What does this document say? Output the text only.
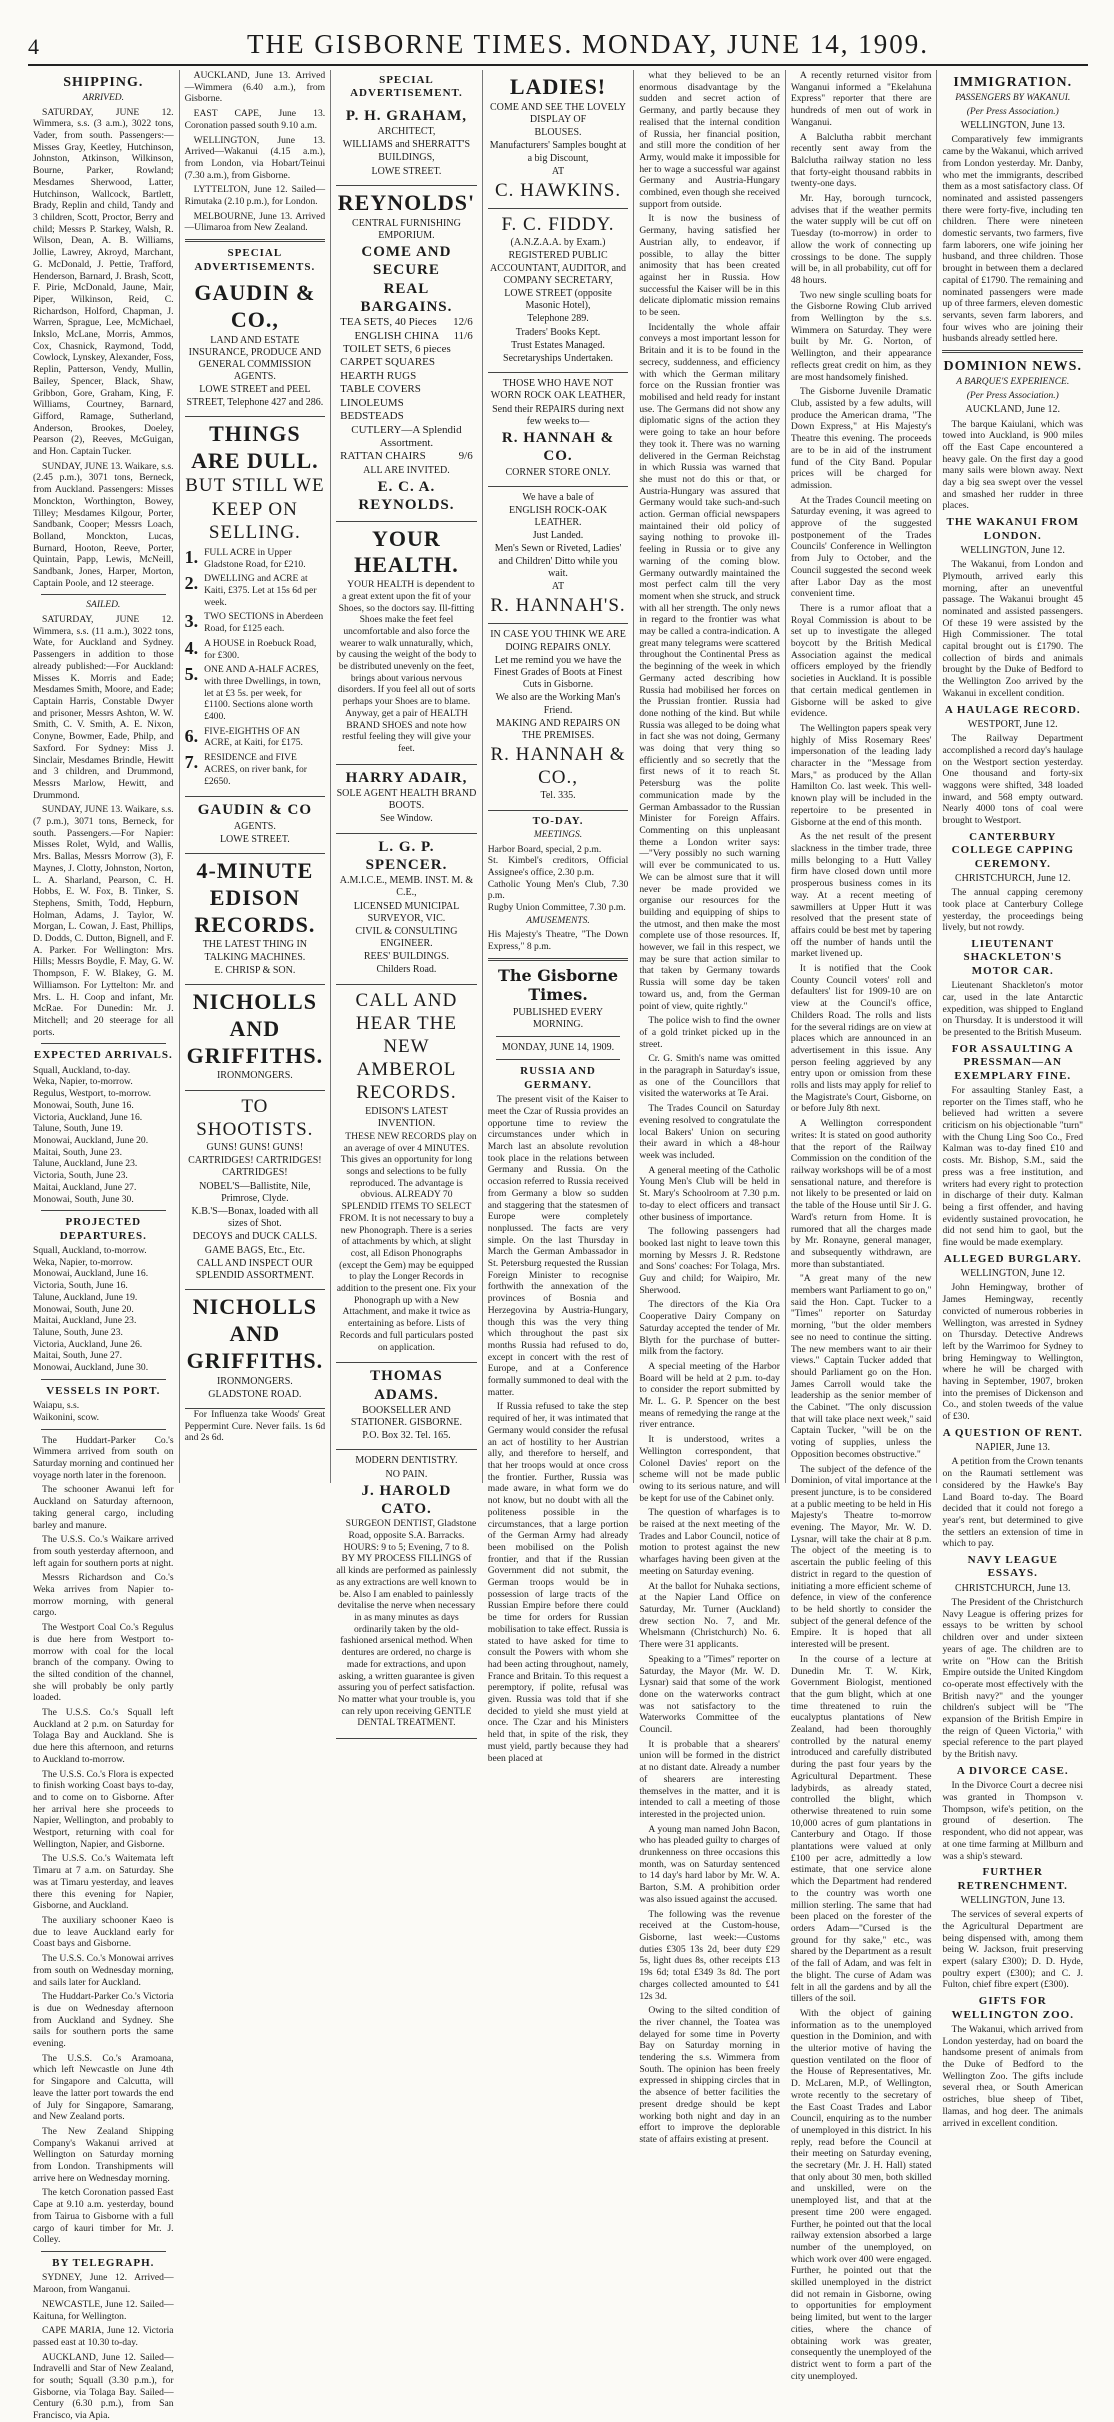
4	THE GISBORNE TIMES. MONDAY, JUNE 14, 1909.
SHIPPING.
ARRIVED.

SATURDAY, JUNE 12. Wimmera, s.s. (3 a.m.), 3022 tons, Vader, from south. Passengers:—Misses Gray, Keetley, Hutchinson, Johnston, Atkinson, Wilkinson, Bourne, Parker, Rowland; Mesdames Sherwood, Latter, Hutchinson, Wallcock, Bartlett, Brady, Replin and child, Tandy and 3 children, Scott, Proctor, Berry and child; Messrs P. Starkey, Walsh, R. Wilson, Dean, A. B. Williams, Jollie, Lawrey, Akroyd, Marchant, G. McDonald, J. Pettie, Trafford, Henderson, Barnard, J. Brash, Scott, F. Pirie, McDonald, Jaune, Mair, Piper, Wilkinson, Reid, C. Richardson, Holford, Chapman, J. Warren, Sprague, Lee, McMichael, Inkslo, McLane, Morris, Ammos, Cox, Chasnick, Raymond, Todd, Cowlock, Lynskey, Alexander, Foss, Replin, Patterson, Vendy, Mullin, Bailey, Spencer, Black, Shaw, Gribbon, Gore, Graham, King, F. Williams, Courtney, Barnard, Gifford, Ramage, Sutherland, Anderson, Brookes, Doeley, Pearson (2), Reeves, McGuigan, and Hon. Captain Tucker.

SUNDAY, JUNE 13. Waikare, s.s. (2.45 p.m.), 3071 tons, Berneck, from Auckland. Passengers: Misses Monckton, Worthington, Bowey, Tilley; Mesdames Kilgour, Porter, Sandbank, Cooper; Messrs Loach, Bolland, Monckton, Lucas, Burnard, Hooton, Reeve, Porter, Quintain, Papp, Lewis, McNeill, Sandbank, Jones, Harper, Morton, Captain Poole, and 12 steerage.

SAILED.

SATURDAY, JUNE 12. Wimmera, s.s. (11 a.m.), 3022 tons, Wate, for Auckland and Sydney. Passengers in addition to those already published:—For Auckland: Misses K. Morris and Eade; Mesdames Smith, Moore, and Eade; Captain Harris, Constable Dwyer and prisoner, Messrs Ashton, W. W. Smith, C. V. Smith, A. E. Nixon, Conyne, Bowmer, Eade, Philp, and Saxford. For Sydney: Miss J. Sinclair, Mesdames Brindle, Hewitt and 3 children, and Drummond, Messrs Marlow, Hewitt, and Drummond.

SUNDAY, JUNE 13. Waikare, s.s. (7 p.m.), 3071 tons, Berneck, for south. Passengers.—For Napier: Misses Rolet, Wyld, and Wallis, Mrs. Ballas, Messrs Morrow (3), F. Maynes, J. Clotty, Johnston, Norton, L. A. Sharland, Pearson, C. H. Hobbs, E. W. Fox, B. Tinker, S. Stephens, Smith, Todd, Hepburn, Holman, Adams, J. Taylor, W. Morgan, L. Cowan, J. East, Phillips, D. Dodds, C. Dutton, Bignell, and F. A. Parker. For Wellington: Mrs. Hills; Messrs Boydle, F. May, G. W. Thompson, F. W. Blakey, G. M. Williamson. For Lyttelton: Mr. and Mrs. L. H. Coop and infant, Mr. McRae. For Dunedin: Mr. J. Mitchell; and 20 steerage for all ports.

EXPECTED ARRIVALS.
Squall, Auckland, to-day.
Weka, Napier, to-morrow.
Regulus, Westport, to-morrow.
Monowai, South, June 16.
Victoria, Auckland, June 16.
Talune, South, June 19.
Monowai, Auckland, June 20.
Maitai, South, June 23.
Talune, Auckland, June 23.
Victoria, South, June 23.
Maitai, Auckland, June 27.
Monowai, South, June 30.
PROJECTED DEPARTURES.
Squall, Auckland, to-morrow.
Weka, Napier, to-morrow.
Monowai, Auckland, June 16.
Victoria, South, June 16.
Talune, Auckland, June 19.
Monowai, South, June 20.
Maitai, Auckland, June 23.
Talune, South, June 23.
Victoria, Auckland, June 26.
Maitai, South, June 27.
Monowai, Auckland, June 30.
VESSELS IN PORT.
Waiapu, s.s.
Waikonini, scow.

The Huddart-Parker Co.'s Wimmera arrived from south on Saturday morning and continued her voyage north later in the forenoon.

The schooner Awanui left for Auckland on Saturday afternoon, taking general cargo, including barley and manure.

The U.S.S. Co.'s Waikare arrived from south yesterday afternoon, and left again for southern ports at night.

Messrs Richardson and Co.'s Weka arrives from Napier to-morrow morning, with general cargo.

The Westport Coal Co.'s Regulus is due here from Westport to-morrow with coal for the local branch of the company. Owing to the silted condition of the channel, she will probably be only partly loaded.

The U.S.S. Co.'s Squall left Auckland at 2 p.m. on Saturday for Tolaga Bay and Auckland. She is due here this afternoon, and returns to Auckland to-morrow.

The U.S.S. Co.'s Flora is expected to finish working Coast bays to-day, and to come on to Gisborne. After her arrival here she proceeds to Napier, Wellington, and probably to Westport, returning with coal for Wellington, Napier, and Gisborne.

The U.S.S. Co.'s Waitemata left Timaru at 7 a.m. on Saturday. She was at Timaru yesterday, and leaves there this evening for Napier, Gisborne, and Auckland.

The auxiliary schooner Kaeo is due to leave Auckland early for Coast bays and Gisborne.

The U.S.S. Co.'s Monowai arrives from south on Wednesday morning, and sails later for Auckland.

The Huddart-Parker Co.'s Victoria is due on Wednesday afternoon from Auckland and Sydney. She sails for southern ports the same evening.

The U.S.S. Co.'s Aramoana, which left Newcastle on June 4th for Singapore and Calcutta, will leave the latter port towards the end of July for Singapore, Samarang, and New Zealand ports.

The New Zealand Shipping Company's Wakanui arrived at Wellington on Saturday morning from London. Transhipments will arrive here on Wednesday morning.

The ketch Coronation passed East Cape at 9.10 a.m. yesterday, bound from Tairua to Gisborne with a full cargo of kauri timber for Mr. J. Colley.

BY TELEGRAPH.

SYDNEY, June 12. Arrived—Maroon, from Wanganui.

NEWCASTLE, June 12. Sailed—Kaituna, for Wellington.

CAPE MARIA, June 12. Victoria passed east at 10.30 to-day.

AUCKLAND, June 12. Sailed—Indravelli and Star of New Zealand, for south; Squall (3.30 p.m.), for Gisborne, via Tolaga Bay. Sailed—Century (6.30 p.m.), from San Francisco, via Apia.

AUCKLAND, June 13. Arrived—Wimmera (6.40 a.m.), from Gisborne.

EAST CAPE, June 13. Coronation passed south 9.10 a.m.

WELLINGTON, June 13. Arrived—Wakanui (4.15 a.m.), from London, via Hobart/Teinui (7.30 a.m.), from Gisborne.

LYTTELTON, June 12. Sailed—Rimutaka (2.10 p.m.), for London.

MELBOURNE, June 13. Arrived—Ulimaroa from New Zealand.

SPECIAL ADVERTISEMENTS.
GAUDIN & CO.,
LAND AND ESTATE INSURANCE, PRODUCE AND GENERAL COMMISSION AGENTS.
LOWE STREET and PEEL STREET, Telephone 427 and 286.
THINGS ARE DULL.
BUT STILL WE
KEEP ON
SELLING.
1. FULL ACRE in Upper Gladstone Road, for £210.
2. DWELLING and ACRE at Kaiti, £375. Let at 15s 6d per week.
3. TWO SECTIONS in Aberdeen Road, for £125 each.
4. A HOUSE in Roebuck Road, for £300.
5. ONE AND A-HALF ACRES, with three Dwellings, in town, let at £3 5s. per week, for £1100. Sections alone worth £400.
6. FIVE-EIGHTHS OF AN ACRE, at Kaiti, for £175.
7. RESIDENCE and FIVE ACRES, on river bank, for £2650.
GAUDIN & CO
AGENTS.
LOWE STREET.
4-MINUTE EDISON RECORDS.
THE LATEST THING IN TALKING MACHINES.
E. CHRISP & SON.
NICHOLLS AND GRIFFITHS.
IRONMONGERS.
TO SHOOTISTS.
GUNS! GUNS! GUNS!
CARTRIDGES! CARTRIDGES! CARTRIDGES!
NOBEL'S—Ballistite, Nile, Primrose, Clyde.
K.B.'S—Bonax, loaded with all sizes of Shot.
DECOYS and DUCK CALLS.
GAME BAGS, Etc., Etc.
CALL AND INSPECT OUR SPLENDID ASSORTMENT.
NICHOLLS AND GRIFFITHS.
IRONMONGERS.
GLADSTONE ROAD.

For Influenza take Woods' Great Peppermint Cure. Never fails. 1s 6d and 2s 6d.

SPECIAL ADVERTISEMENT.
P. H. GRAHAM,
ARCHITECT,
WILLIAMS and SHERRATT'S
BUILDINGS,
LOWE STREET.
REYNOLDS'
CENTRAL FURNISHING EMPORIUM.
COME AND SECURE
REAL BARGAINS.
TEA SETS, 40 Pieces 12/6
ENGLISH CHINA TOILET SETS, 6 pieces
11/6
CARPET SQUARES
HEARTH RUGS
TABLE COVERS
LINOLEUMS
BEDSTEADS
CUTLERY—A Splendid Assortment.
RATTAN CHAIRS	9/6
ALL ARE INVITED.
E. C. A. REYNOLDS.
YOUR HEALTH.

YOUR HEALTH is dependent to a great extent upon the fit of your Shoes, so the doctors say. Ill-fitting Shoes make the feet feel uncomfortable and also force the wearer to walk unnaturally, which, by causing the weight of the body to be distributed unevenly on the feet, brings about various nervous disorders. If you feel all out of sorts perhaps your Shoes are to blame. Anyway, get a pair of HEALTH BRAND SHOES and note how restful feeling they will give your feet.

HARRY ADAIR,
SOLE AGENT HEALTH BRAND BOOTS.
See Window.
L. G. P. SPENCER.
A.M.I.C.E., MEMB. INST. M. & C.E.,
LICENSED MUNICIPAL SURVEYOR, VIC.
CIVIL & CONSULTING ENGINEER.
REES' BUILDINGS.
Childers Road.
CALL AND HEAR THE NEW AMBEROL RECORDS.
EDISON'S LATEST INVENTION.

THESE NEW RECORDS play on an average of over 4 MINUTES. This gives an opportunity for long songs and selections to be fully reproduced. The advantage is obvious. ALREADY 70 SPLENDID ITEMS TO SELECT FROM. It is not necessary to buy a new Phonograph. There is a series of attachments by which, at slight cost, all Edison Phonographs (except the Gem) may be equipped to play the Longer Records in addition to the present one. Fix your Phonograph up with a New Attachment, and make it twice as entertaining as before. Lists of Records and full particulars posted on application.

THOMAS ADAMS.
BOOKSELLER AND STATIONER. GISBORNE.
P.O. Box 32. Tel. 165.
MODERN DENTISTRY.
NO PAIN.
J. HAROLD CATO.

SURGEON DENTIST, Gladstone Road, opposite S.A. Barracks. HOURS: 9 to 5; Evening, 7 to 8. BY MY PROCESS FILLINGS of all kinds are performed as painlessly as any extractions are well known to be. Also I am enabled to painlessly devitalise the nerve when necessary in as many minutes as days ordinarily taken by the old-fashioned arsenical method. When dentures are ordered, no charge is made for extractions, and upon asking, a written guarantee is given assuring you of perfect satisfaction. No matter what your trouble is, you can rely upon receiving GENTLE DENTAL TREATMENT.

LADIES!
COME AND SEE THE LOVELY DISPLAY OF
BLOUSES.
Manufacturers' Samples bought at a big Discount,
AT
C. HAWKINS.
F. C. FIDDY.
(A.N.Z.A.A. by Exam.)
REGISTERED PUBLIC ACCOUNTANT, AUDITOR, and COMPANY SECRETARY,
LOWE STREET (opposite Masonic Hotel),
Telephone 289.
Traders' Books Kept.
Trust Estates Managed.
Secretaryships Undertaken.
THOSE WHO HAVE NOT WORN ROCK OAK LEATHER,
Send their REPAIRS during next few weeks to—
R. HANNAH & CO.
CORNER STORE ONLY.
We have a bale of
ENGLISH ROCK-OAK LEATHER.
Just Landed.
Men's Sewn or Riveted, Ladies' and Children' Ditto while you wait.
AT
R. HANNAH'S.
IN CASE YOU THINK WE ARE DOING REPAIRS ONLY.
Let me remind you we have the Finest Grades of Boots at Finest Cuts in Gisborne.
We also are the Working Man's Friend.
MAKING AND REPAIRS ON THE PREMISES.
R. HANNAH & CO.,
Tel. 335.
TO-DAY.
MEETINGS.
Harbor Board, special, 2 p.m.
St. Kimbel's creditors, Official Assignee's office, 2.30 p.m.
Catholic Young Men's Club, 7.30 p.m.
Rugby Union Committee, 7.30 p.m.
AMUSEMENTS.
His Majesty's Theatre, "The Down Express," 8 p.m.
The Gisborne Times.
PUBLISHED EVERY MORNING.
MONDAY, JUNE 14, 1909.
RUSSIA AND GERMANY.

The present visit of the Kaiser to meet the Czar of Russia provides an opportune time to review the circumstances under which in March last an absolute revolution took place in the relations between Germany and Russia. On the occasion referred to Russia received from Germany a blow so sudden and staggering that the statesmen of Europe were completely nonplussed. The facts are very simple. On the last Thursday in March the German Ambassador in St. Petersburg requested the Russian Foreign Minister to recognise forthwith the annexation of the provinces of Bosnia and Herzegovina by Austria-Hungary, though this was the very thing which throughout the past six months Russia had refused to do, except in concert with the rest of Europe, and at a Conference formally summoned to deal with the matter.

If Russia refused to take the step required of her, it was intimated that Germany would consider the refusal an act of hostility to her Austrian ally, and therefore to herself, and that her troops would at once cross the frontier. Further, Russia was made aware, in what form we do not know, but no doubt with all the politeness possible in the circumstances, that a large portion of the German Army had already been mobilised on the Polish frontier, and that if the Russian Government did not submit, the German troops would be in possession of large tracts of the Russian Empire before there could be time for orders for Russian mobilisation to take effect. Russia is stated to have asked for time to consult the Powers with whom she had been acting throughout, namely, France and Britain. To this request a peremptory, if polite, refusal was given. Russia was told that if she decided to yield she must yield at once. The Czar and his Ministers held that, in spite of the risk, they must yield, partly because they had been placed at

what they believed to be an enormous disadvantage by the sudden and secret action of Germany, and partly because they realised that the internal condition of Russia, her financial position, and still more the condition of her Army, would make it impossible for her to wage a successful war against Germany and Austria-Hungary combined, even though she received support from outside.

It is now the business of Germany, having satisfied her Austrian ally, to endeavor, if possible, to allay the bitter animosity that has been created against her in Russia. How successful the Kaiser will be in this delicate diplomatic mission remains to be seen.

Incidentally the whole affair conveys a most important lesson for Britain and it is to be found in the secrecy, suddenness, and efficiency with which the German military force on the Russian frontier was mobilised and held ready for instant use. The Germans did not show any diplomatic signs of the action they were going to take an hour before they took it. There was no warning delivered in the German Reichstag in which Russia was warned that she must not do this or that, or Austria-Hungary was assured that Germany would take such-and-such action. German official newspapers maintained their old policy of saying nothing to provoke ill-feeling in Russia or to give any warning of the coming blow. Germany outwardly maintained the most perfect calm till the very moment when she struck, and struck with all her strength. The only news in regard to the frontier was what may be called a contra-indication. A great many telegrams were scattered throughout the Continental Press as the beginning of the week in which Germany acted describing how Russia had mobilised her forces on the Prussian frontier. Russia had done nothing of the kind. But while Russia was alleged to be doing what in fact she was not doing, Germany was doing that very thing so efficiently and so secretly that the first news of it to reach St. Petersburg was the polite communication made by the German Ambassador to the Russian Minister for Foreign Affairs. Commenting on this unpleasant theme a London writer says:—"Very possibly no such warning will ever be communicated to us. We can be almost sure that it will never be made provided we organise our resources for the building and equipping of ships to the utmost, and then make the most complete use of those resources. If, however, we fail in this respect, we may be sure that action similar to that taken by Germany towards Russia will some day be taken toward us, and, from the German point of view, quite rightly."

The police wish to find the owner of a gold trinket picked up in the street.

Cr. G. Smith's name was omitted in the paragraph in Saturday's issue, as one of the Councillors that visited the waterworks at Te Arai.

The Trades Council on Saturday evening resolved to congratulate the local Bakers' Union on securing their award in which a 48-hour week was included.

A general meeting of the Catholic Young Men's Club will be held in St. Mary's Schoolroom at 7.30 p.m. to-day to elect officers and transact other business of importance.

The following passengers had booked last night to leave town this morning by Messrs J. R. Redstone and Sons' coaches: For Tolaga, Mrs. Guy and child; for Waipiro, Mr. Sherwood.

The directors of the Kia Ora Cooperative Dairy Company on Saturday accepted the tender of Mr. Blyth for the purchase of butter-milk from the factory.

A special meeting of the Harbor Board will be held at 2 p.m. to-day to consider the report submitted by Mr. L. G. P. Spencer on the best means of remedying the range at the river entrance.

It is understood, writes a Wellington correspondent, that Colonel Davies' report on the scheme will not be made public owing to its serious nature, and will be kept for use of the Cabinet only.

The question of wharfages is to be raised at the next meeting of the Trades and Labor Council, notice of motion to protest against the new wharfages having been given at the meeting on Saturday evening.

At the ballot for Nuhaka sections, at the Napier Land Office on Saturday, Mr. Turner (Auckland) drew section No. 7, and Mr. Whelsmann (Christchurch) No. 6. There were 31 applicants.

Speaking to a "Times" reporter on Saturday, the Mayor (Mr. W. D. Lysnar) said that some of the work done on the waterworks contract was not satisfactory to the Waterworks Committee of the Council.

It is probable that a shearers' union will be formed in the district at no distant date. Already a number of shearers are interesting themselves in the matter, and it is intended to call a meeting of those interested in the projected union.

A young man named John Bacon, who has pleaded guilty to charges of drunkenness on three occasions this month, was on Saturday sentenced to 14 day's hard labor by Mr. W. A. Barton, S.M. A prohibition order was also issued against the accused.

The following was the revenue received at the Custom-house, Gisborne, last week:—Customs duties £305 13s 2d, beer duty £29 5s, light dues 8s, other receipts £13 19s 6d; total £349 3s 8d. The port charges collected amounted to £41 12s 3d.

Owing to the silted condition of the river channel, the Toatea was delayed for some time in Poverty Bay on Saturday morning in tendering the s.s. Wimmera from South. The opinion has been freely expressed in shipping circles that in the absence of better facilities the present dredge should be kept working both night and day in an effort to improve the deplorable state of affairs existing at present.

A recently returned visitor from Wanganui informed a "Ekelahuna Express" reporter that there are hundreds of men out of work in Wanganui.

A Balclutha rabbit merchant recently sent away from the Balclutha railway station no less that forty-eight thousand rabbits in twenty-one days.

Mr. Hay, borough turncock, advises that if the weather permits the water supply will be cut off on Tuesday (to-morrow) in order to allow the work of connecting up crossings to be done. The supply will be, in all probability, cut off for 48 hours.

Two new single sculling boats for the Gisborne Rowing Club arrived from Wellington by the s.s. Wimmera on Saturday. They were built by Mr. G. Norton, of Wellington, and their appearance reflects great credit on him, as they are most handsomely finished.

The Gisborne Juvenile Dramatic Club, assisted by a few adults, will produce the American drama, "The Down Express," at His Majesty's Theatre this evening. The proceeds are to be in aid of the instrument fund of the City Band. Popular prices will be charged for admission.

At the Trades Council meeting on Saturday evening, it was agreed to approve of the suggested postponement of the Trades Councils' Conference in Wellington from July to October, and the Council suggested the second week after Labor Day as the most convenient time.

There is a rumor afloat that a Royal Commission is about to be set up to investigate the alleged boycott by the British Medical Association against the medical officers employed by the friendly societies in Auckland. It is possible that certain medical gentlemen in Gisborne will be asked to give evidence.

The Wellington papers speak very highly of Miss Rosemary Rees' impersonation of the leading lady character in the "Message from Mars," as produced by the Allan Hamilton Co. last week. This well-known play will be included in the repertoire to be presented in Gisborne at the end of this month.

As the net result of the present slackness in the timber trade, three mills belonging to a Hutt Valley firm have closed down until more prosperous business comes in its way. At a recent meeting of sawmillers at Upper Hutt it was resolved that the present state of affairs could be best met by tapering off the number of hands until the market livened up.

It is notified that the Cook County Council voters' roll and defaulters' list for 1909-10 are on view at the Council's office, Childers Road. The rolls and lists for the several ridings are on view at places which are announced in an advertisement in this issue. Any person feeling aggrieved by any entry upon or omission from these rolls and lists may apply for relief to the Magistrate's Court, Gisborne, on or before July 8th next.

A Wellington correspondent writes: It is stated on good authority that the report of the Railway Commission on the condition of the railway workshops will be of a most sensational nature, and therefore is not likely to be presented or laid on the table of the House until Sir J. G. Ward's return from Home. It is rumored that all the charges made by Mr. Ronayne, general manager, and subsequently withdrawn, are more than substantiated.

"A great many of the new members want Parliament to go on," said the Hon. Capt. Tucker to a "Times" reporter on Saturday morning, "but the older members see no need to continue the sitting. The new members want to air their views." Captain Tucker added that should Parliament go on the Hon. James Carroll would take the leadership as the senior member of the Cabinet. "The only discussion that will take place next week," said Captain Tucker, "will be on the voting of supplies, unless the Opposition becomes obstructive."

The subject of the defence of the Dominion, of vital importance at the present juncture, is to be considered at a public meeting to be held in His Majesty's Theatre to-morrow evening. The Mayor, Mr. W. D. Lysnar, will take the chair at 8 p.m. The object of the meeting is to ascertain the public feeling of this district in regard to the question of initiating a more efficient scheme of defence, in view of the conference to be held shortly to consider the subject of the general defence of the Empire. It is hoped that all interested will be present.

In the course of a lecture at Dunedin Mr. T. W. Kirk, Government Biologist, mentioned that the gum blight, which at one time threatened to ruin the eucalyptus plantations of New Zealand, had been thoroughly controlled by the natural enemy introduced and carefully distributed during the past four years by the Agricultural Department. These ladybirds, as already stated, controlled the blight, which otherwise threatened to ruin some 10,000 acres of gum plantations in Canterbury and Otago. If those plantations were valued at only £100 per acre, admittedly a low estimate, that one service alone which the Department had rendered to the country was worth one million sterling. The same that had been placed on the forester of the orders Adam—"Cursed is the ground for thy sake," etc., was shared by the Department as a result of the fall of Adam, and was felt in the blight. The curse of Adam was felt in all the gardens and by all the tillers of the soil.

With the object of gaining information as to the unemployed question in the Dominion, and with the ulterior motive of having the question ventilated on the floor of the House of Representatives, Mr. D. McLaren, M.P., of Wellington, wrote recently to the secretary of the East Coast Trades and Labor Council, enquiring as to the number of unemployed in this district. In his reply, read before the Council at their meeting on Saturday evening, the secretary (Mr. J. H. Hall) stated that only about 30 men, both skilled and unskilled, were on the unemployed list, and that at the present time 200 were engaged. Further, he pointed out that the local railway extension absorbed a large number of the unemployed, on which work over 400 were engaged. Further, he pointed out that the skilled unemployed in the district did not remain in Gisborne, owing to opportunities for employment being limited, but went to the larger cities, where the chance of obtaining work was greater, consequently the unemployed of the district went to form a part of the city unemployed.

IMMIGRATION.
PASSENGERS BY WAKANUI.
(Per Press Association.)
WELLINGTON, June 13.

Comparatively few immigrants came by the Wakanui, which arrived from London yesterday. Mr. Danby, who met the immigrants, described them as a most satisfactory class. Of nominated and assisted passengers there were forty-five, including ten children. There were nineteen domestic servants, two farmers, five farm laborers, one wife joining her husband, and three children. Those brought in between them a declared capital of £1790. The remaining and nominated passengers were made up of three farmers, eleven domestic servants, seven farm laborers, and four wives who are joining their husbands already settled here.

DOMINION NEWS.
A BARQUE'S EXPERIENCE.
(Per Press Association.)
AUCKLAND, June 12.

The barque Kaiulani, which was towed into Auckland, is 900 miles off the East Cape encountered a heavy gale. On the first day a good many sails were blown away. Next day a big sea swept over the vessel and smashed her rudder in three places.

THE WAKANUI FROM LONDON.
WELLINGTON, June 12.

The Wakanui, from London and Plymouth, arrived early this morning, after an uneventful passage. The Wakanui brought 45 nominated and assisted passengers. Of these 19 were assisted by the High Commissioner. The total capital brought out is £1790. The collection of birds and animals brought by the Duke of Bedford to the Wellington Zoo arrived by the Wakanui in excellent condition.

A HAULAGE RECORD.
WESTPORT, June 12.

The Railway Department accomplished a record day's haulage on the Westport section yesterday. One thousand and forty-six waggons were shifted, 348 loaded inward, and 568 empty outward. Nearly 4000 tons of coal were brought to Westport.

CANTERBURY COLLEGE CAPPING CEREMONY.
CHRISTCHURCH, June 12.

The annual capping ceremony took place at Canterbury College yesterday, the proceedings being lively, but not rowdy.

LIEUTENANT SHACKLETON'S MOTOR CAR.

Lieutenant Shackleton's motor car, used in the late Antarctic expedition, was shipped to England on Thursday. It is understood it will be presented to the British Museum.

FOR ASSAULTING A PRESSMAN—AN EXEMPLARY FINE.

For assaulting Stanley East, a reporter on the Times staff, who he believed had written a severe criticism on his objectionable "turn" with the Chung Ling Soo Co., Fred Kalman was to-day fined £10 and costs. Mr. Bishop, S.M., said the press was a free institution, and writers had every right to protection in discharge of their duty. Kalman being a first offender, and having evidently sustained provocation, he did not send him to gaol, but the fine would be made exemplary.

ALLEGED BURGLARY.
WELLINGTON, June 12.

John Hemingway, brother of James Hemingway, recently convicted of numerous robberies in Wellington, was arrested in Sydney on Thursday. Detective Andrews left by the Warrimoo for Sydney to bring Hemingway to Wellington, where he will be charged with having in September, 1907, broken into the premises of Dickenson and Co., and stolen tweeds of the value of £30.

A QUESTION OF RENT.
NAPIER, June 13.

A petition from the Crown tenants on the Raumati settlement was considered by the Hawke's Bay Land Board to-day. The Board decided that it could not forego a year's rent, but determined to give the settlers an extension of time in which to pay.

NAVY LEAGUE ESSAYS.
CHRISTCHURCH, June 13.

The President of the Christchurch Navy League is offering prizes for essays to be written by school children over and under sixteen years of age. The children are to write on "How can the British Empire outside the United Kingdom co-operate most effectively with the British navy?" and the younger children's subject will be "The expansion of the British Empire in the reign of Queen Victoria," with special reference to the part played by the British navy.

A DIVORCE CASE.

In the Divorce Court a decree nisi was granted in Thompson v. Thompson, wife's petition, on the ground of desertion. The respondent, who did not appear, was at one time farming at Millburn and was a ship's steward.

FURTHER RETRENCHMENT.
WELLINGTON, June 13.

The services of several experts of the Agricultural Department are being dispensed with, among them being W. Jackson, fruit preserving expert (salary £300); D. D. Hyde, poultry expert (£300); and C. J. Fulton, chief fibre expert (£300).

GIFTS FOR WELLINGTON ZOO.

The Wakanui, which arrived from London yesterday, had on board the handsome present of animals from the Duke of Bedford to the Wellington Zoo. The gifts include several rhea, or South American ostriches, blue sheep of Tibet, llamas, and hog deer. The animals arrived in excellent condition.
